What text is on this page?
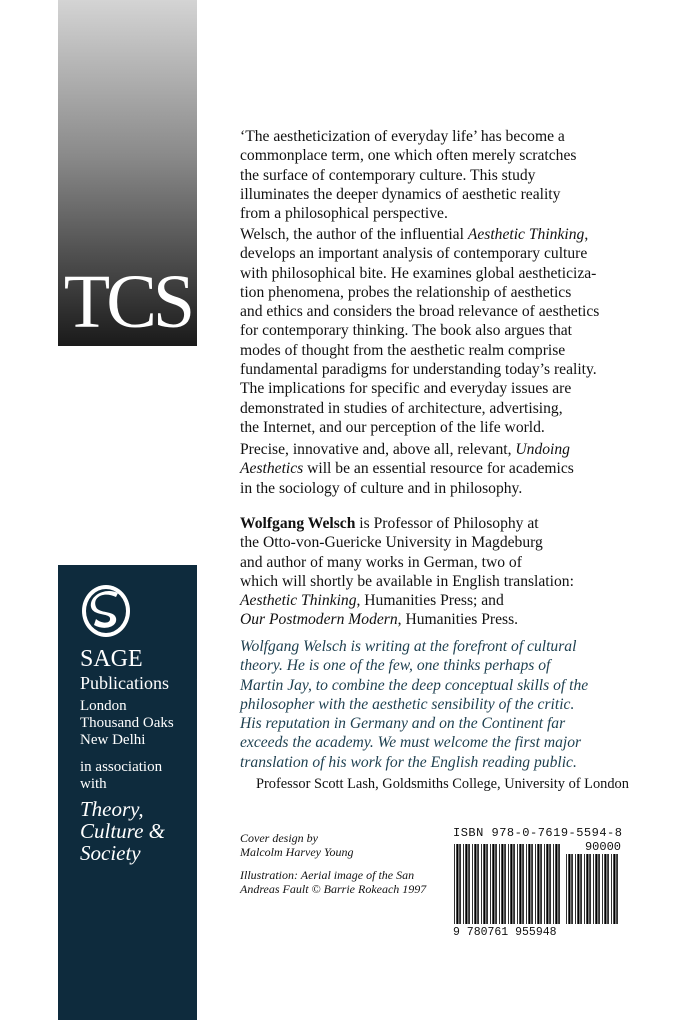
TCS
SAGE
Publications
London
Thousand Oaks
New Delhi
in association
with
Theory,
Culture &
Society
‘The aestheticization of everyday life’ has become a
commonplace term, one which often merely scratches
the surface of contemporary culture. This study
illuminates the deeper dynamics of aesthetic reality
from a philosophical perspective.
Welsch, the author of the influential Aesthetic Thinking,
develops an important analysis of contemporary culture
with philosophical bite. He examines global aestheticiza-
tion phenomena, probes the relationship of aesthetics
and ethics and considers the broad relevance of aesthetics
for contemporary thinking. The book also argues that
modes of thought from the aesthetic realm comprise
fundamental paradigms for understanding today’s reality.
The implications for specific and everyday issues are
demonstrated in studies of architecture, advertising,
the Internet, and our perception of the life world.
Precise, innovative and, above all, relevant, Undoing
Aesthetics will be an essential resource for academics
in the sociology of culture and in philosophy.
Wolfgang Welsch is Professor of Philosophy at
the Otto-von-Guericke University in Magdeburg
and author of many works in German, two of
which will shortly be available in English translation:
Aesthetic Thinking, Humanities Press; and
Our Postmodern Modern, Humanities Press.
Wolfgang Welsch is writing at the forefront of cultural
theory. He is one of the few, one thinks perhaps of
Martin Jay, to combine the deep conceptual skills of the
philosopher with the aesthetic sensibility of the critic.
His reputation in Germany and on the Continent far
exceeds the academy. We must welcome the first major
translation of his work for the English reading public.
Professor Scott Lash, Goldsmiths College, University of London
Cover design by
Malcolm Harvey Young
Illustration: Aerial image of the San
Andreas Fault © Barrie Rokeach 1997
ISBN 978-0-7619-5594-8
90000
9 780761 955948
